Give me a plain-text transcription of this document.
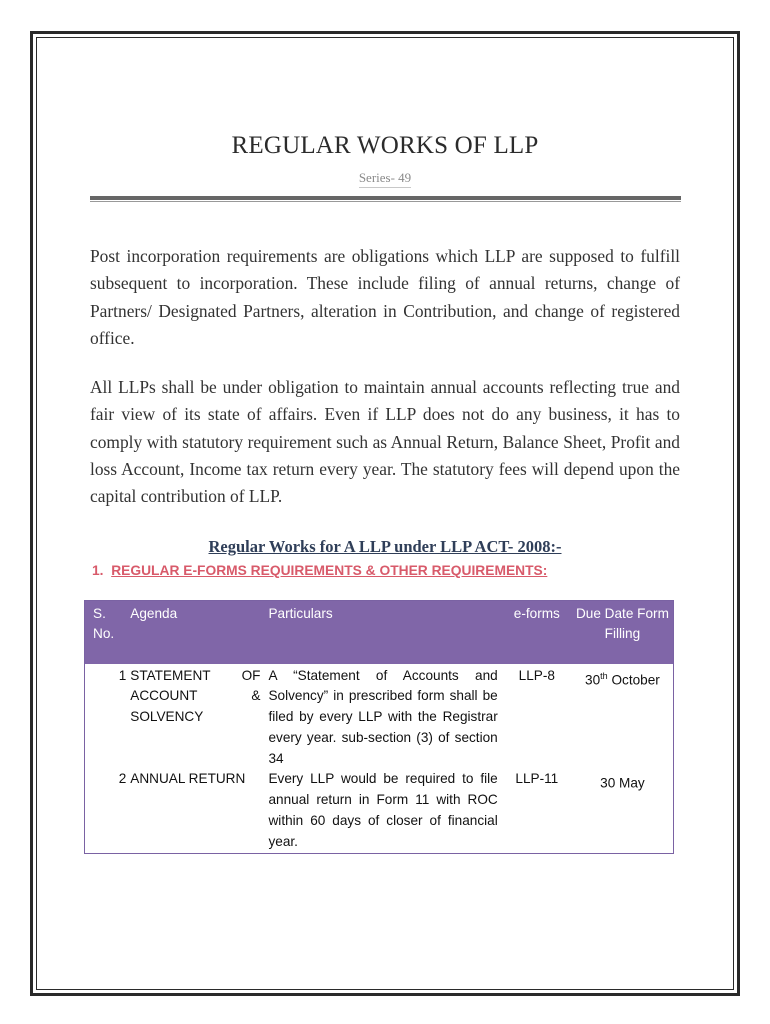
REGULAR WORKS OF LLP
Series- 49

Post incorporation requirements are obligations which LLP are supposed to fulfill subsequent to incorporation. These include filing of annual returns, change of Partners/ Designated Partners, alteration in Contribution, and change of registered office.

All LLPs shall be under obligation to maintain annual accounts reflecting true and fair view of its state of affairs. Even if LLP does not do any business, it has to comply with statutory requirement such as Annual Return, Balance Sheet, Profit and loss Account, Income tax return every year. The statutory fees will depend upon the capital contribution of LLP.

Regular Works for A LLP under LLP ACT- 2008:-
1. REGULAR E-FORMS REQUIREMENTS & OTHER REQUIREMENTS:
S. No.	Agenda	Particulars	e-forms	Due Date Form Filling
1	STATEMENT OF ACCOUNT & SOLVENCY	A “Statement of Accounts and Solvency” in prescribed form shall be filed by every LLP with the Registrar every year. sub-section (3) of section 34	LLP-8	30th October
2	ANNUAL RETURN	Every LLP would be required to file annual return in Form 11 with ROC within 60 days of closer of financial year.	LLP-11	30 May
